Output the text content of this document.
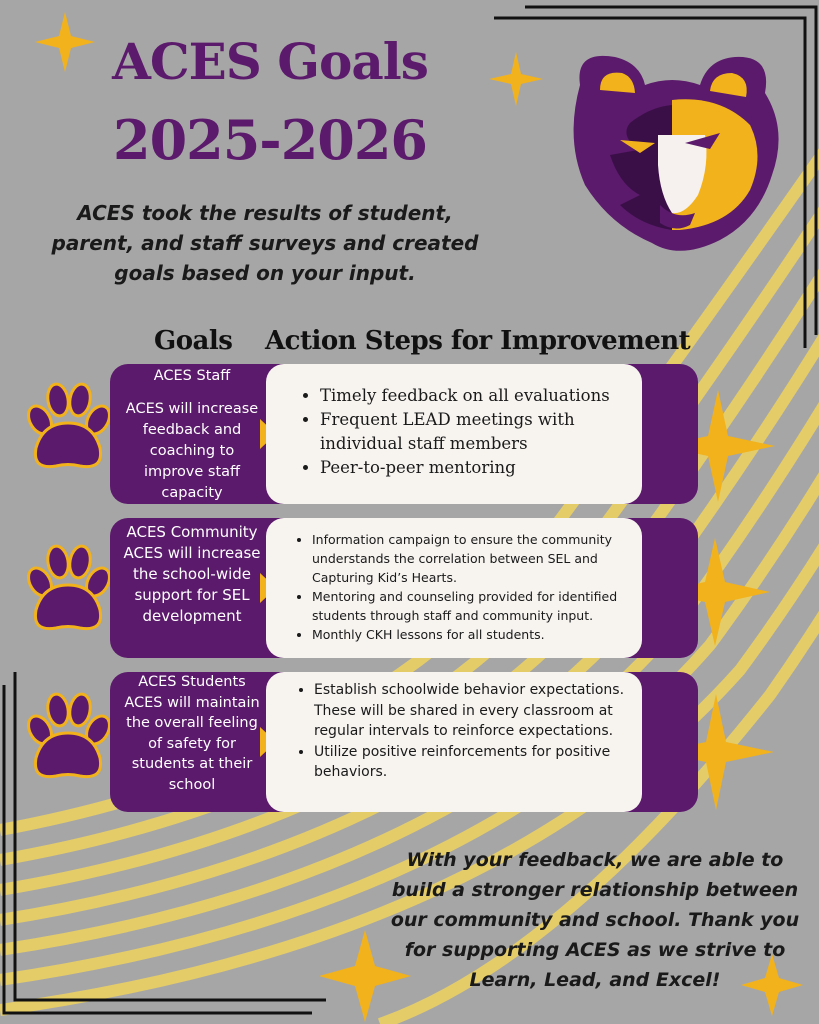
ACES Goals
2025-2026
ACES took the results of student, parent, and staff surveys and created goals based on your input.
Goals Action Steps for Improvement
ACES Staff
ACES will increase feedback and coaching to improve staff capacity
• Timely feedback on all evaluations
• Frequent LEAD meetings with individual staff members
• Peer-to-peer mentoring
ACES Community
ACES will increase the school-wide support for SEL development
• Information campaign to ensure the community understands the correlation between SEL and Capturing Kid’s Hearts.
• Mentoring and counseling provided for identified students through staff and community input.
• Monthly CKH lessons for all students.
ACES Students
ACES will maintain the overall feeling of safety for students at their school
• Establish schoolwide behavior expectations. These will be shared in every classroom at regular intervals to reinforce expectations.
• Utilize positive reinforcements for positive behaviors.
With your feedback, we are able to build a stronger relationship between our community and school. Thank you for supporting ACES as we strive to Learn, Lead, and Excel!
